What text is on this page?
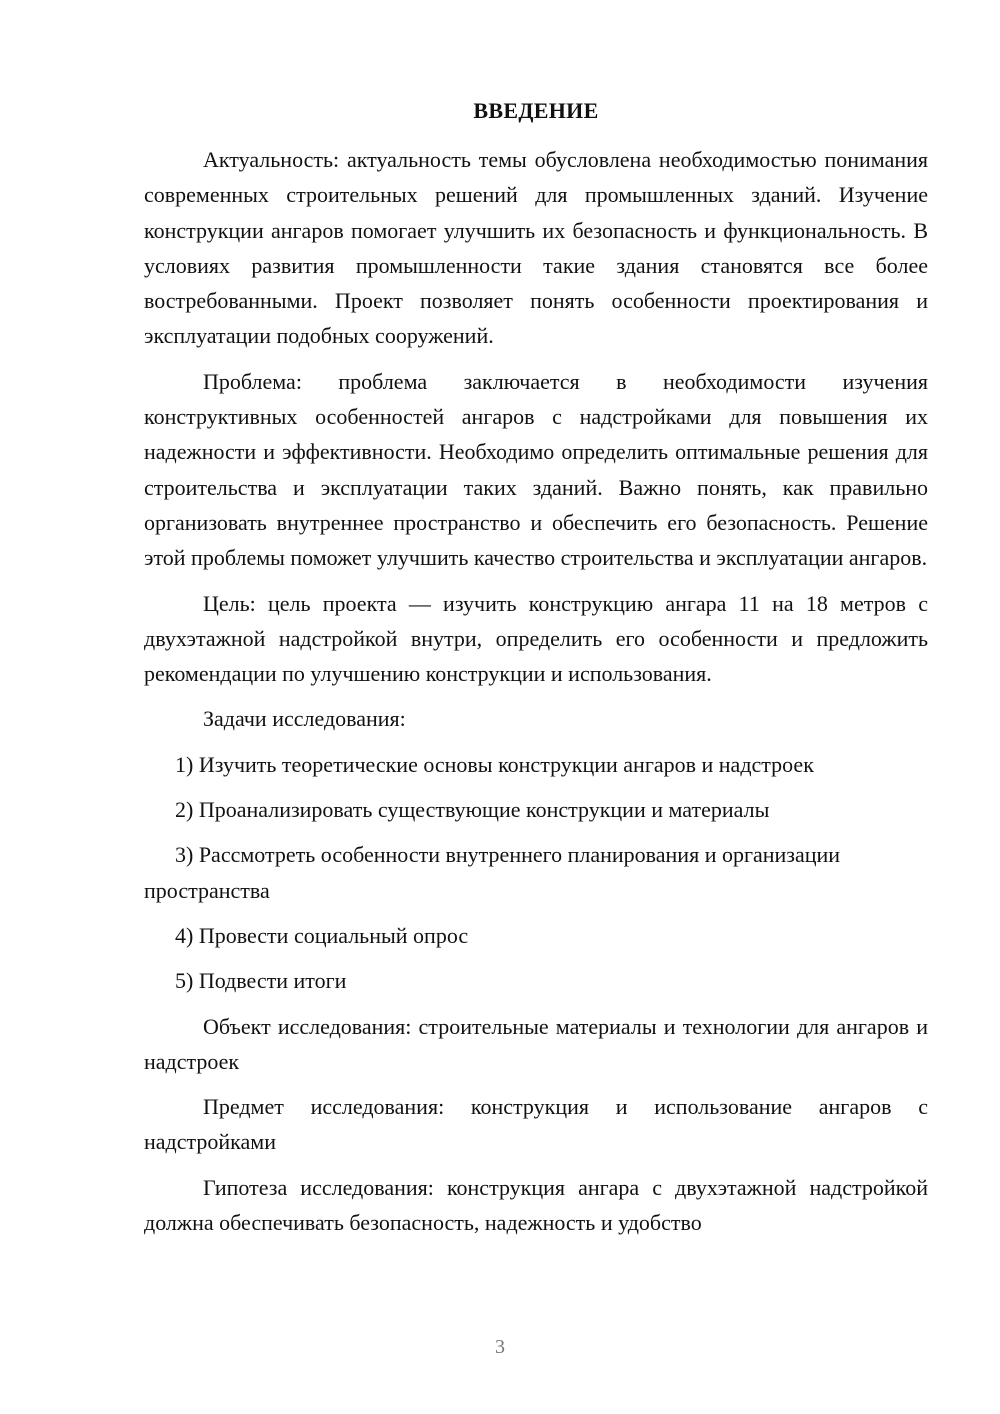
ВВЕДЕНИЕ

Актуальность: актуальность темы обусловлена необходимостью понимания современных строительных решений для промышленных зданий. Изучение конструкции ангаров помогает улучшить их безопасность и функциональность. В условиях развития промышленности такие здания становятся все более востребованными. Проект позволяет понять особенности проектирования и эксплуатации подобных сооружений.

Проблема: проблема заключается в необходимости изучения конструктивных особенностей ангаров с надстройками для повышения их надежности и эффективности. Необходимо определить оптимальные решения для строительства и эксплуатации таких зданий. Важно понять, как правильно организовать внутреннее пространство и обеспечить его безопасность. Решение этой проблемы поможет улучшить качество строительства и эксплуатации ангаров.

Цель: цель проекта — изучить конструкцию ангара 11 на 18 метров с двухэтажной надстройкой внутри, определить его особенности и предложить рекомендации по улучшению конструкции и использования.

Задачи исследования:

1) Изучить теоретические основы конструкции ангаров и надстроек

2) Проанализировать существующие конструкции и материалы

3) Рассмотреть особенности внутреннего планирования и организации пространства

4) Провести социальный опрос

5) Подвести итоги

Объект исследования: строительные материалы и технологии для ангаров и надстроек

Предмет исследования: конструкция и использование ангаров с надстройками

Гипотеза исследования: конструкция ангара с двухэтажной надстройкой должна обеспечивать безопасность, надежность и удобство

3
